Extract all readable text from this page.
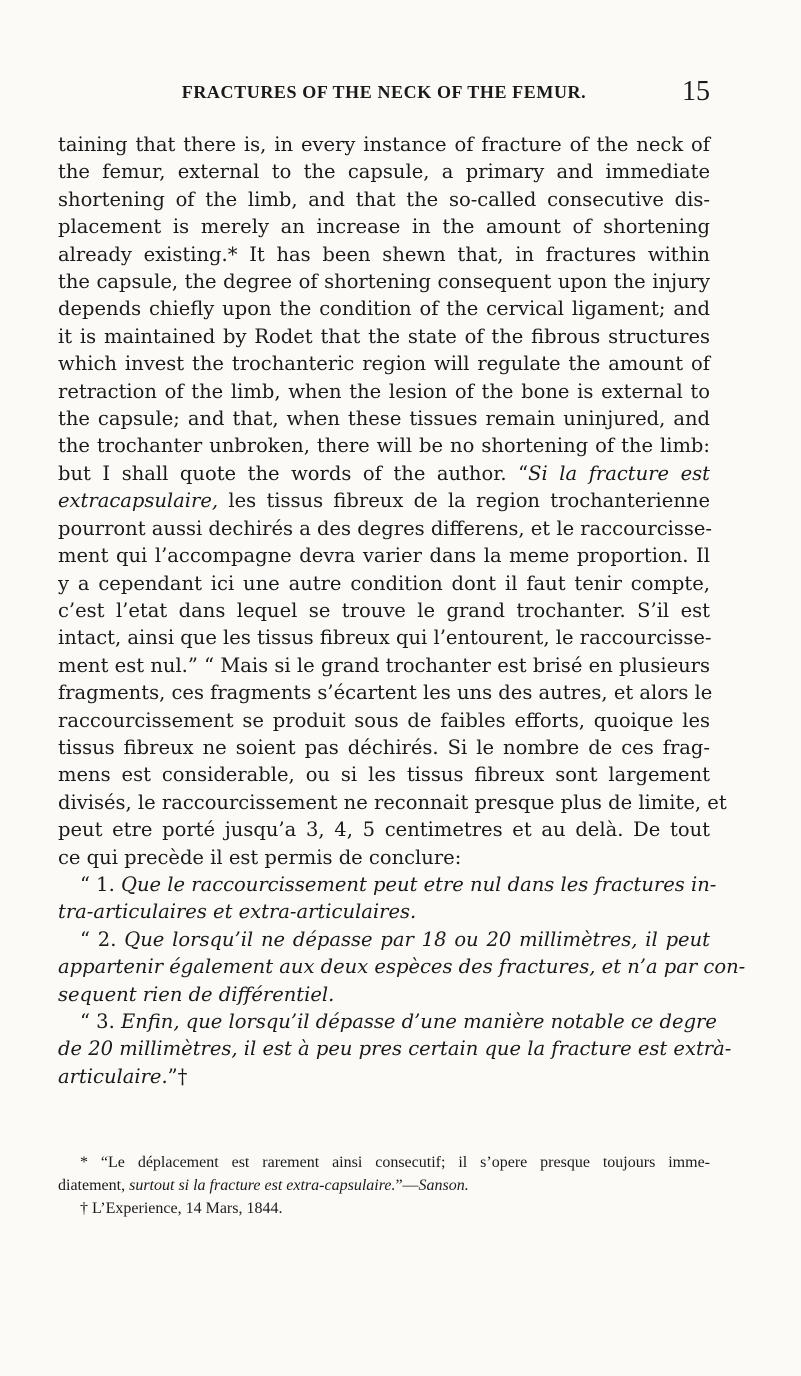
FRACTURES OF THE NECK OF THE FEMUR.	15
taining that there is, in every instance of fracture of the neck of
the femur, external to the capsule, a primary and immediate
shortening of the limb, and that the so-called consecutive dis-
placement is merely an increase in the amount of shortening
already existing.* It has been shewn that, in fractures within
the capsule, the degree of shortening consequent upon the injury
depends chiefly upon the condition of the cervical ligament; and
it is maintained by Rodet that the state of the fibrous structures
which invest the trochanteric region will regulate the amount of
retraction of the limb, when the lesion of the bone is external to
the capsule; and that, when these tissues remain uninjured, and
the trochanter unbroken, there will be no shortening of the limb:
but I shall quote the words of the author. “Si la fracture est
extracapsulaire, les tissus fibreux de la region trochanterienne
pourront aussi dechirés a des degres differens, et le raccourcisse-
ment qui l’accompagne devra varier dans la meme proportion. Il
y a cependant ici une autre condition dont il faut tenir compte,
c’est l’etat dans lequel se trouve le grand trochanter. S’il est
intact, ainsi que les tissus fibreux qui l’entourent, le raccourcisse-
ment est nul.” “ Mais si le grand trochanter est brisé en plusieurs
fragments, ces fragments s’écartent les uns des autres, et alors le
raccourcissement se produit sous de faibles efforts, quoique les
tissus fibreux ne soient pas déchirés. Si le nombre de ces frag-
mens est considerable, ou si les tissus fibreux sont largement
divisés, le raccourcissement ne reconnait presque plus de limite, et
peut etre porté jusqu’a 3, 4, 5 centimetres et au delà. De tout
ce qui precède il est permis de conclure:
“ 1. Que le raccourcissement peut etre nul dans les fractures in-
tra-articulaires et extra-articulaires.
“ 2. Que lorsqu’il ne dépasse par 18 ou 20 millimètres, il peut
appartenir également aux deux espèces des fractures, et n’a par con-
sequent rien de différentiel.
“ 3. Enfin, que lorsqu’il dépasse d’une manière notable ce degre
de 20 millimètres, il est à peu pres certain que la fracture est extrà-
articulaire.”†
* “Le déplacement est rarement ainsi consecutif; il s’opere presque toujours imme-
diatement, surtout si la fracture est extra-capsulaire.”—Sanson.
† L’Experience, 14 Mars, 1844.
